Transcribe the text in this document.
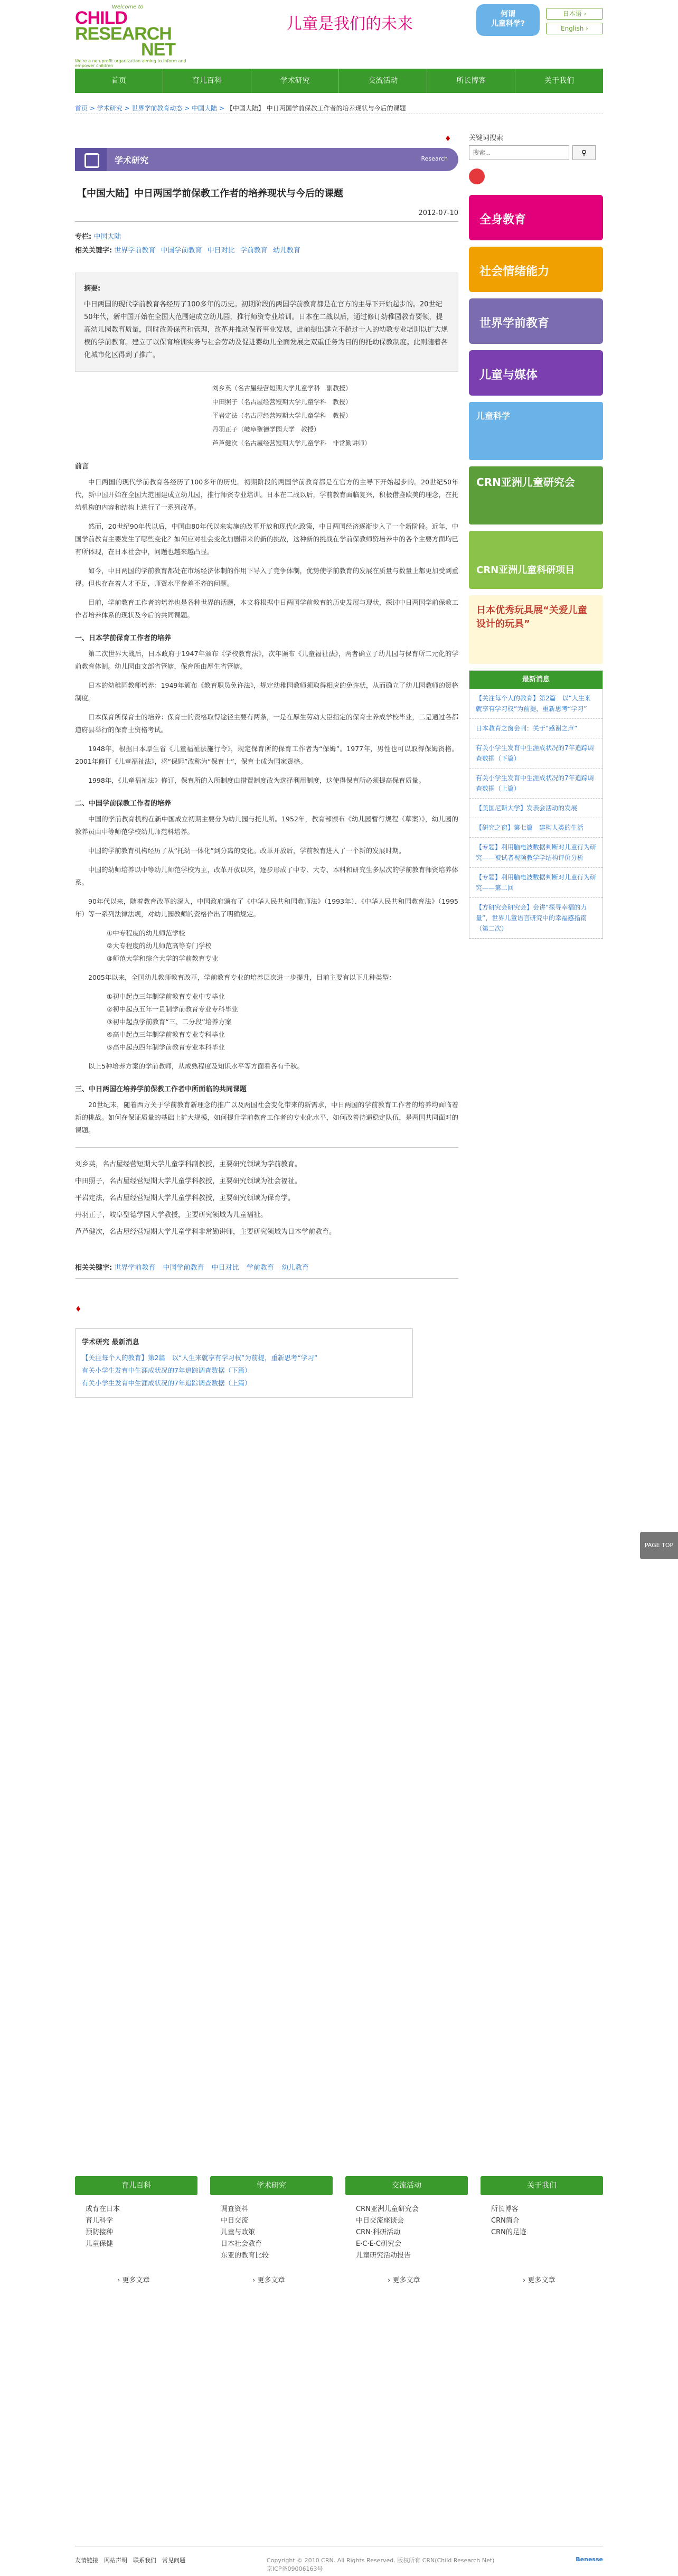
Welcome to
CHILD
RESEARCH
NET
We're a non-profit organization aiming to inform and empower children
儿童是我们的未来
何谓
儿童科学?
日本语 ›
English ›
首页	育儿百科	学术研究	交流活动	所长博客	关于我们
首页 > 学术研究 > 世界学前教育动态 > 中国大陆 > 【中国大陆】 中日两国学前保教工作者的培养现状与今后的课题
♦
学术研究	Research
【中国大陆】中日两国学前保教工作者的培养现状与今后的课题
2012-07-10
专栏: 中国大陆
相关关键字: 世界学前教育 中国学前教育 中日对比 学前教育 幼儿教育
摘要:
中日两国的现代学前教育各经历了100多年的历史。初期阶段的两国学前教育都是在官方的主导下开始起步的。20世纪50年代，新中国开始在全国大范围建成立幼儿园，推行师资专业培训。日本在二战以后，通过修订幼稚园教育要领，提高幼儿园教育质量，同时改善保育和管理，改革并推动保育事业发展，此前提出建立不超过十人的幼教专业培训以扩大规模的学前教育。建立了以保育培训实务与社会劳动及促进婴幼儿全面发展之双重任务为目的的托幼保教制度。此则随着各化城市化区得到了推广。
刘乡英（名古屋经营短期大学儿童学科　副教授）
中田照子（名古屋经营短期大学儿童学科　教授）
平岩定法（名古屋经营短期大学儿童学科　教授）
丹羽正子（岐阜聖德学园大学　教授）
芦芦健次（名古屋经营短期大学儿童学科　非常勤讲师）
前言

中日两国的现代学前教育各经历了100多年的历史。初期阶段的两国学前教育都是在官方的主导下开始起步的。20世纪50年代，新中国开始在全国大范围建成立幼儿园，推行师资专业培训。日本在二战以后，学前教育面临复兴，积极借鉴欧美的理念，在托幼机构的内容和结构上进行了一系列改革。

然而，20世纪90年代以后，中国由80年代以来实施的改革开放和现代化政策，中日两国经济逐渐步入了一个新阶段。近年，中国学前教育主要发生了哪些变化？如何应对社会变化加剧带来的新的挑战，这种新的挑战在学前保教师资培养中的各个主要方面均已有所体现，在日本社会中，问题也越来越凸显。

如今，中日两国的学前教育都处在市场经济体制的作用下导入了竞争体制，优势使学前教育的发展在质量与数量上都更加受到重视。但也存在着人才不足，师资水平参差不齐的问题。

目前，学前教育工作者的培养也是各种世界的话题，本文将根据中日两国学前教育的历史发展与现状，探讨中日两国学前保教工作者培养体系的现状及今后的共同课题。

一、日本学前保育工作者的培养

第二次世界大战后，日本政府于1947年颁布《学校教育法》，次年颁布《儿童福祉法》，两者确立了幼儿园与保育所二元化的学前教育体制。幼儿园由文部省管辖，保育所由厚生省管辖。

日本的幼稚园教师培养：1949年颁布《教育职员免许法》，规定幼稚园教师须取得相应的免许状，从而确立了幼儿园教师的资格制度。

日本保育所保育士的培养：保育士的资格取得途径主要有两条，一是在厚生劳动大臣指定的保育士养成学校毕业，二是通过各都道府县举行的保育士资格考试。

1948年，根据日本厚生省《儿童福祉法施行令》，规定保育所的保育工作者为“保姆”。1977年，男性也可以取得保姆资格。2001年修订《儿童福祉法》，将“保姆”改称为“保育士”，保育士成为国家资格。

1998年，《儿童福祉法》修订，保育所的入所制度由措置制度改为选择利用制度，这使得保育所必须提高保育质量。

二、中国学前保教工作者的培养

中国的学前教育机构在新中国成立初期主要分为幼儿园与托儿所。1952年，教育部颁布《幼儿园暂行规程（草案）》，幼儿园的教养员由中等师范学校幼儿师范科培养。

中国的学前教育机构经历了从“托幼一体化”到分离的变化。改革开放后，学前教育进入了一个新的发展时期。

中国的幼师培养以中等幼儿师范学校为主，改革开放以来，逐步形成了中专、大专、本科和研究生多层次的学前教育师资培养体系。

90年代以来，随着教育改革的深入，中国政府颁布了《中华人民共和国教师法》（1993年）、《中华人民共和国教育法》（1995年）等一系列法律法规，对幼儿园教师的资格作出了明确规定。

①中专程度的幼儿师范学校
②大专程度的幼儿师范高等专门学校
③师范大学和综合大学的学前教育专业

2005年以来，全国幼儿教师教育改革，学前教育专业的培养层次进一步提升，目前主要有以下几种类型：

①初中起点三年制学前教育专业中专毕业
②初中起点五年一贯制学前教育专业专科毕业
③初中起点学前教育“三、二分段”培养方案
④高中起点三年制学前教育专业专科毕业
⑤高中起点四年制学前教育专业本科毕业

以上5种培养方案的学前教师，从成熟程度及知识水平等方面看各有千秋。

三、中日两国在培养学前保教工作者中所面临的共同课题

20世纪末，随着西方关于学前教育新理念的推广以及两国社会变化带来的新需求，中日两国的学前教育工作者的培养均面临着新的挑战。如何在保证质量的基础上扩大规模，如何提升学前教育工作者的专业化水平，如何改善待遇稳定队伍，是两国共同面对的课题。

刘乡英，名古屋经营短期大学儿童学科副教授，主要研究领域为学前教育。
中田照子，名古屋经营短期大学儿童学科教授，主要研究领域为社会福祉。
平岩定法，名古屋经营短期大学儿童学科教授，主要研究领域为保育学。
丹羽正子，岐阜聖德学园大学教授，主要研究领域为儿童福祉。
芦芦健次，名古屋经营短期大学儿童学科非常勤讲师，主要研究领域为日本学前教育。
相关关键字: 世界学前教育 中国学前教育 中日对比 学前教育 幼儿教育
♦
学术研究 最新消息
【关注每个人的教育】第2篇　以“人生来就享有学习权”为前提，重新思考“学习”
有关小学生发育中生涯成状况的7年追踪调查数据（下篇）
有关小学生发育中生涯成状况的7年追踪调查数据（上篇）
关键词搜索
搜索...
⚲
全身教育
社会情绪能力
世界学前教育
儿童与媒体
儿童科学
CRN亚洲儿童研究会
CRN亚洲儿童科研项目
日本优秀玩具展“关爱儿童设计的玩具”
最新消息
【关注每个人的教育】第2篇　以“人生来就享有学习权”为前提，重新思考“学习”
日本教育之窗会刊：关于“感谢之声”
有关小学生发育中生涯成状况的7年追踪调查数据（下篇）
有关小学生发育中生涯成状况的7年追踪调查数据（上篇）
【美国尼斯大学】发表会活动的发展
【研究之窗】第七篇　建构人类的生活
【专题】利用脑电波数据判断对儿童行为研究——被试者视频教学学结构评价分析
【专题】利用脑电波数据判断对儿童行为研究——第二回
【方研究会研究会】会讲“探寻幸福的力量”，世界儿童语言研究中的幸福感指南（第二次）
育儿百科
成育在日本
育儿科学
预防接种
儿童保健
› 更多文章
学术研究
调查资料
中日交流
儿童与政策
日本社会教育
东亚的教育比较
› 更多文章
交流活动
CRN亚洲儿童研究会
中日交流座谈会
CRN·科研活动
E·C·E·C研究会
儿童研究活动报告
› 更多文章
关于我们
所长博客
CRN简介
CRN的足迹
› 更多文章
友情链接　网站声明　联系我们　常见问题	Copyright © 2010 CRN. All Rights Reserved. 版权所有 CRN(Child Research Net)
京ICP备09006163号
Benesse
PAGE TOP
